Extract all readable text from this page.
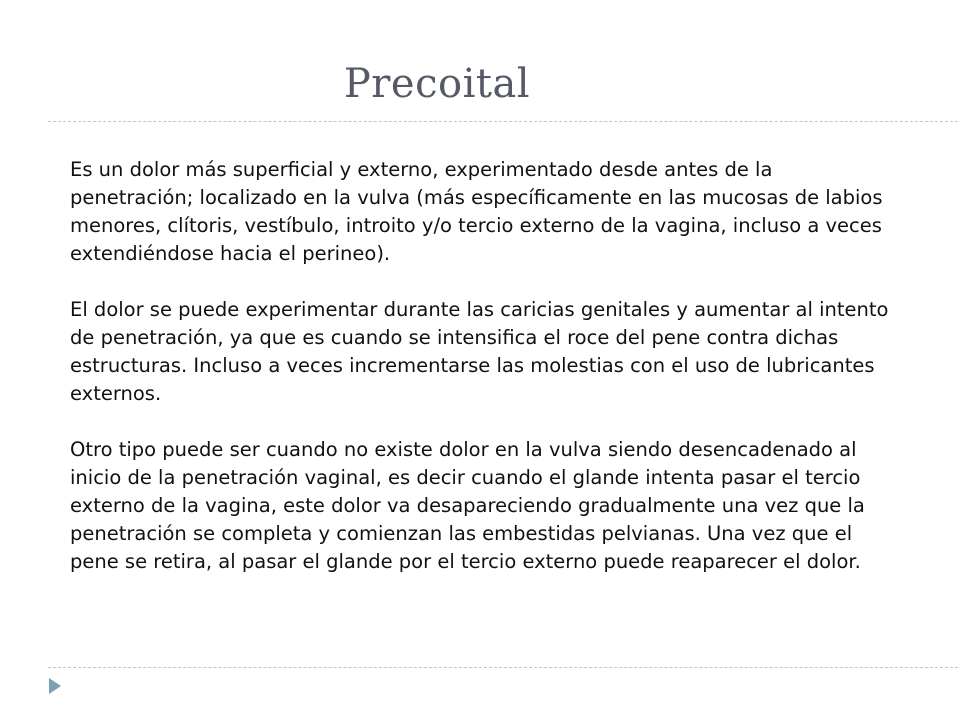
Precoital

Es un dolor más superficial y externo, experimentado desde antes de la penetración; localizado en la vulva (más específicamente en las mucosas de labios menores, clítoris, vestíbulo, introito y/o tercio externo de la vagina, incluso a veces extendiéndose hacia el perineo).

El dolor se puede experimentar durante las caricias genitales y aumentar al intento de penetración, ya que es cuando se intensifica el roce del pene contra dichas estructuras. Incluso a veces incrementarse las molestias con el uso de lubricantes externos.

Otro tipo puede ser cuando no existe dolor en la vulva siendo desencadenado al inicio de la penetración vaginal, es decir cuando el glande intenta pasar el tercio externo de la vagina, este dolor va desapareciendo gradualmente una vez que la penetración se completa y comienzan las embestidas pelvianas. Una vez que el pene se retira, al pasar el glande por el tercio externo puede reaparecer el dolor.
